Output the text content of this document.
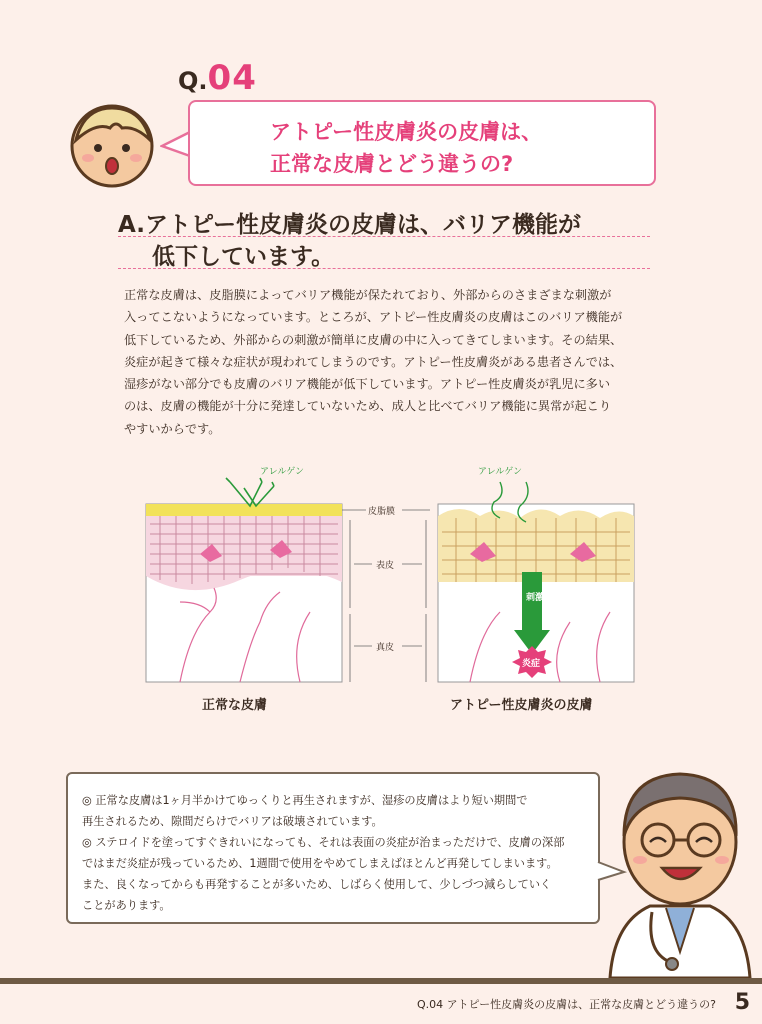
Q.04
アトピー性皮膚炎の皮膚は、
正常な皮膚とどう違うの?
A.アトピー性皮膚炎の皮膚は、バリア機能が
低下しています。

正常な皮膚は、皮脂膜によってバリア機能が保たれており、外部からのさまざまな刺激が

入ってこないようになっています。ところが、アトピー性皮膚炎の皮膚はこのバリア機能が

低下しているため、外部からの刺激が簡単に皮膚の中に入ってきてしまいます。その結果、

炎症が起きて様々な症状が現われてしまうのです。アトピー性皮膚炎がある患者さんでは、

湿疹がない部分でも皮膚のバリア機能が低下しています。アトピー性皮膚炎が乳児に多い

のは、皮膚の機能が十分に発達していないため、成人と比べてバリア機能に異常が起こり

やすいからです。

アレルゲン
皮脂膜
表皮
真皮
アレルゲン
刺激
炎症
正常な皮膚	アトピー性皮膚炎の皮膚

◎ 正常な皮膚は1ヶ月半かけてゆっくりと再生されますが、湿疹の皮膚はより短い期間で

再生されるため、隙間だらけでバリアは破壊されています。

◎ ステロイドを塗ってすぐきれいになっても、それは表面の炎症が治まっただけで、皮膚の深部

ではまだ炎症が残っているため、1週間で使用をやめてしまえばほとんど再発してしまいます。

また、良くなってからも再発することが多いため、しばらく使用して、少しづつ減らしていく

ことがあります。

Q.04 アトピー性皮膚炎の皮膚は、正常な皮膚とどう違うの? 5
